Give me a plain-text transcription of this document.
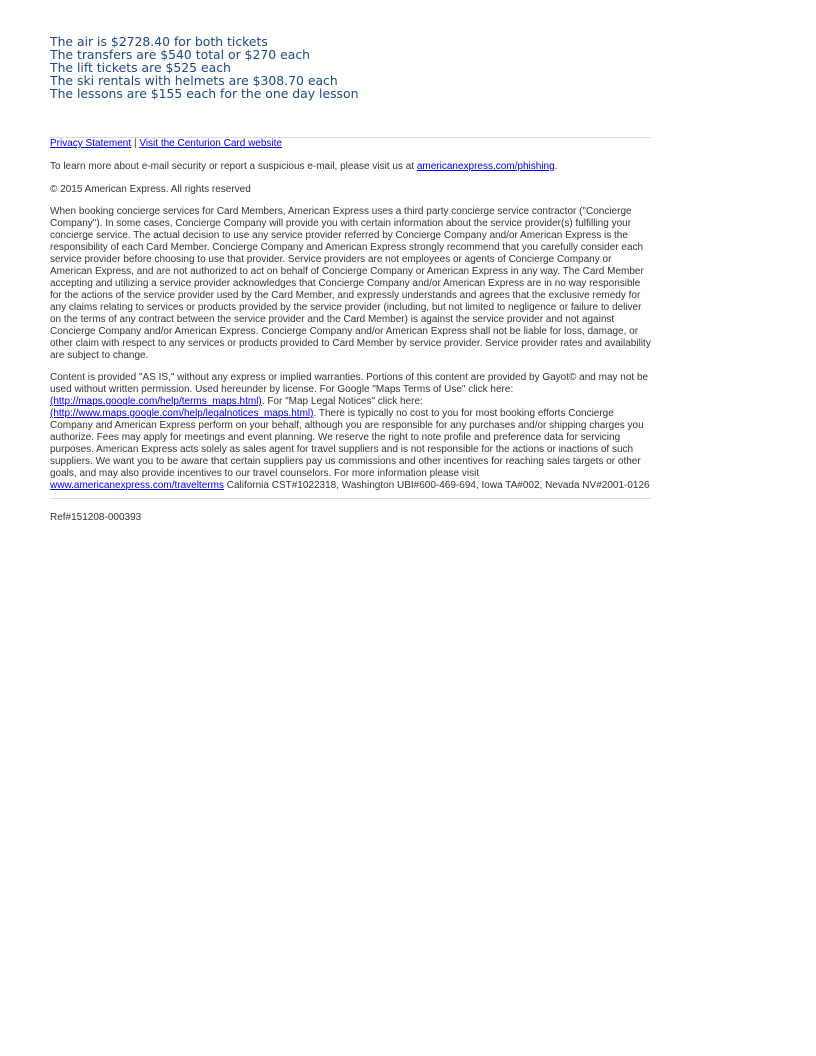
The air is $2728.40 for both tickets
The transfers are $540 total or $270 each
The lift tickets are $525 each
The ski rentals with helmets are $308.70 each
The lessons are $155 each for the one day lesson

Privacy Statement | Visit the Centurion Card website

To learn more about e-mail security or report a suspicious e-mail, please visit us at americanexpress.com/phishing.

© 2015 American Express. All rights reserved

When booking concierge services for Card Members, American Express uses a third party concierge service contractor ("Concierge Company"). In some cases, Concierge Company will provide you with certain information about the service provider(s) fulfilling your concierge service. The actual decision to use any service provider referred by Concierge Company and/or American Express is the responsibility of each Card Member. Concierge Company and American Express strongly recommend that you carefully consider each service provider before choosing to use that provider. Service providers are not employees or agents of Concierge Company or American Express, and are not authorized to act on behalf of Concierge Company or American Express in any way. The Card Member accepting and utilizing a service provider acknowledges that Concierge Company and/or American Express are in no way responsible for the actions of the service provider used by the Card Member, and expressly understands and agrees that the exclusive remedy for any claims relating to services or products provided by the service provider (including, but not limited to negligence or failure to deliver on the terms of any contract between the service provider and the Card Member) is against the service provider and not against Concierge Company and/or American Express. Concierge Company and/or American Express shall not be liable for loss, damage, or other claim with respect to any services or products provided to Card Member by service provider. Service provider rates and availability are subject to change.

Content is provided "AS IS," without any express or implied warranties. Portions of this content are provided by Gayot© and may not be used without written permission. Used hereunder by license. For Google "Maps Terms of Use" click here: (http://maps.google.com/help/terms_maps.html). For "Map Legal Notices" click here: (http://www.maps.google.com/help/legalnotices_maps.html). There is typically no cost to you for most booking efforts Concierge Company and American Express perform on your behalf, although you are responsible for any purchases and/or shipping charges you authorize. Fees may apply for meetings and event planning. We reserve the right to note profile and preference data for servicing purposes. American Express acts solely as sales agent for travel suppliers and is not responsible for the actions or inactions of such suppliers. We want you to be aware that certain suppliers pay us commissions and other incentives for reaching sales targets or other goals, and may also provide incentives to our travel counselors. For more information please visit www.americanexpress.com/travelterms California CST#1022318, Washington UBI#600-469-694, Iowa TA#002, Nevada NV#2001-0126

Ref#151208-000393
